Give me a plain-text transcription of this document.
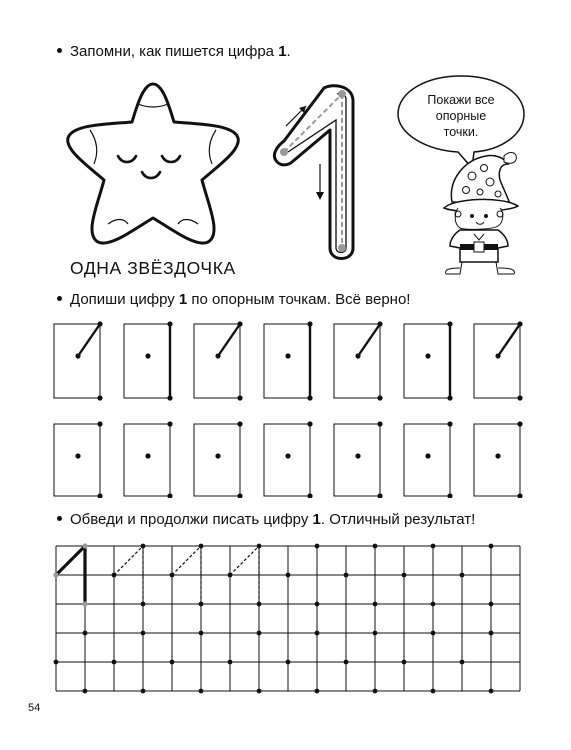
Запомни, как пишется цифра 1.
ОДНА ЗВЁЗДОЧКА
Покажи все
опорные
точки.
Допиши цифру 1 по опорным точкам. Всё верно!
Обведи и продолжи писать цифру 1. Отличный результат!
54
